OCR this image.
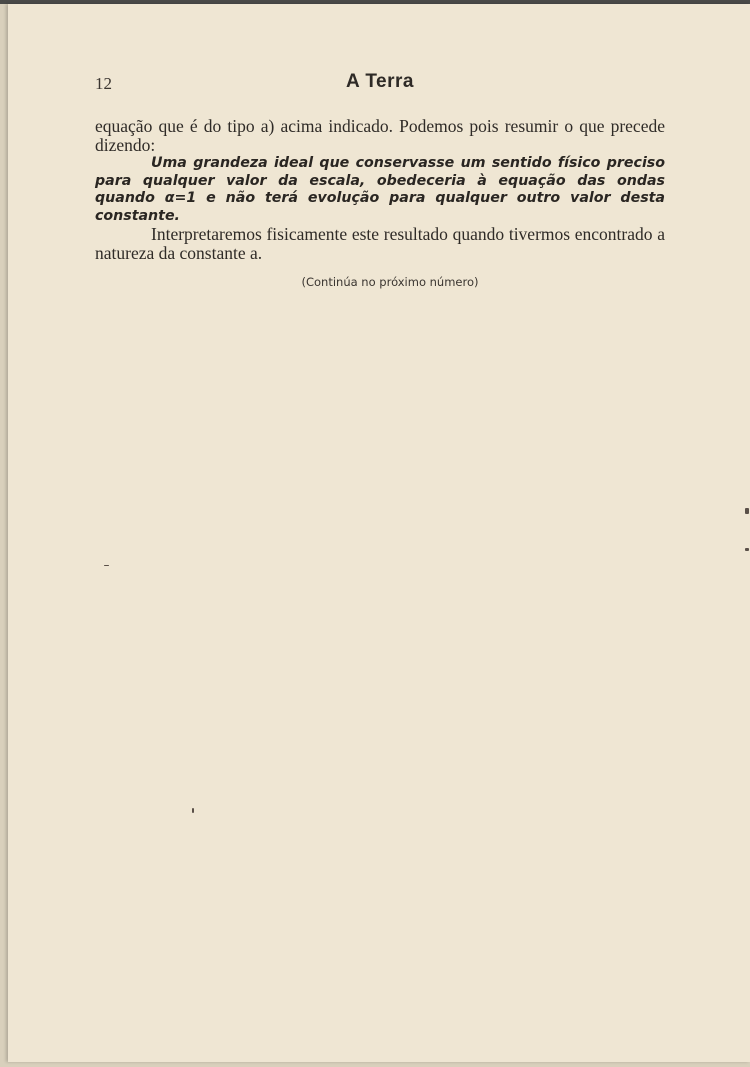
12	A Terra

equação que é do tipo a) acima indicado. Podemos pois resumir o que precede dizendo:

Uma grandeza ideal que conservasse um sentido físico preciso para qualquer valor da escala, obedeceria à equação das ondas quando α=1 e não terá evolução para qualquer outro valor desta constante.

Interpretaremos fisicamente este resultado quando tivermos encontrado a natureza da constante a.

(Continúa no próximo número)
